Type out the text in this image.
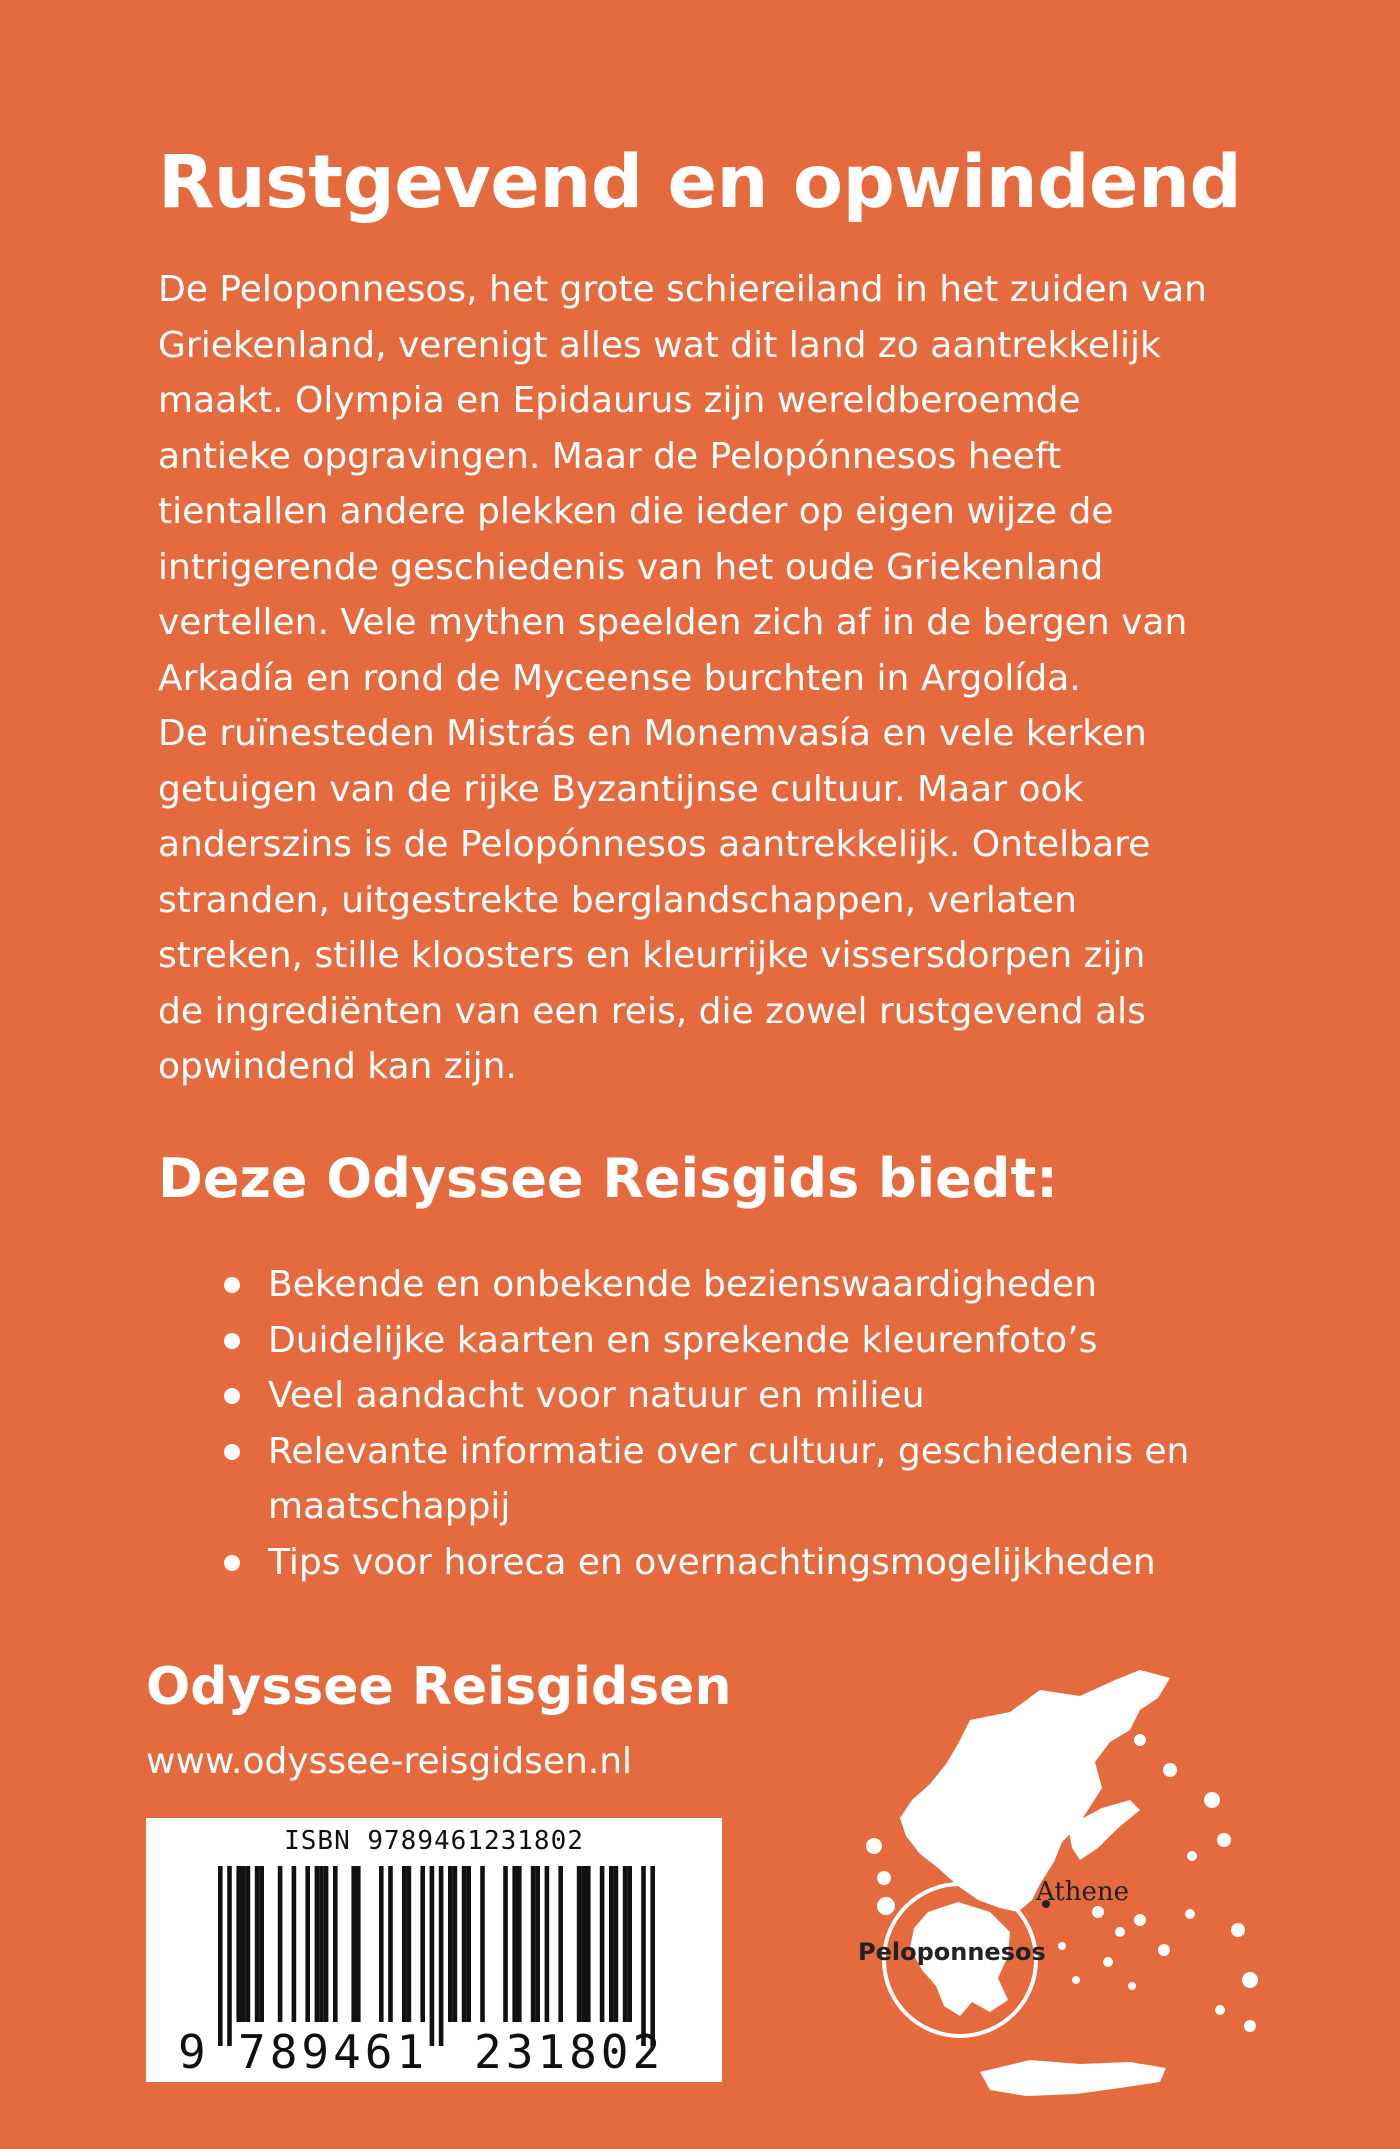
Rustgevend en opwindend

De Peloponnesos, het grote schiereiland in het zuiden van
Griekenland, verenigt alles wat dit land zo aantrekkelijk
maakt. Olympia en Epidaurus zijn wereldberoemde
antieke opgravingen. Maar de Pelopónnesos heeft
tientallen andere plekken die ieder op eigen wijze de
intrigerende geschiedenis van het oude Griekenland
vertellen. Vele mythen speelden zich af in de bergen van
Arkadía en rond de Myceense burchten in Argolída.
De ruïnesteden Mistrás en Monemvasía en vele kerken
getuigen van de rijke Byzantijnse cultuur. Maar ook
anderszins is de Pelopónnesos aantrekkelijk. Ontelbare
stranden, uitgestrekte berglandschappen, verlaten
streken, stille kloosters en kleurrijke vissersdorpen zijn
de ingrediënten van een reis, die zowel rustgevend als
opwindend kan zijn.

Deze Odyssee Reisgids biedt:
Bekende en onbekende bezienswaardigheden
Duidelijke kaarten en sprekende kleurenfoto’s
Veel aandacht voor natuur en milieu
Relevante informatie over cultuur, geschiedenis en
maatschappij
Tips voor horeca en overnachtingsmogelijkheden
Odyssee Reisgidsen
www.odyssee-reisgidsen.nl
ISBN 9789461231802
9 789461 231802
Athene
Peloponnesos
